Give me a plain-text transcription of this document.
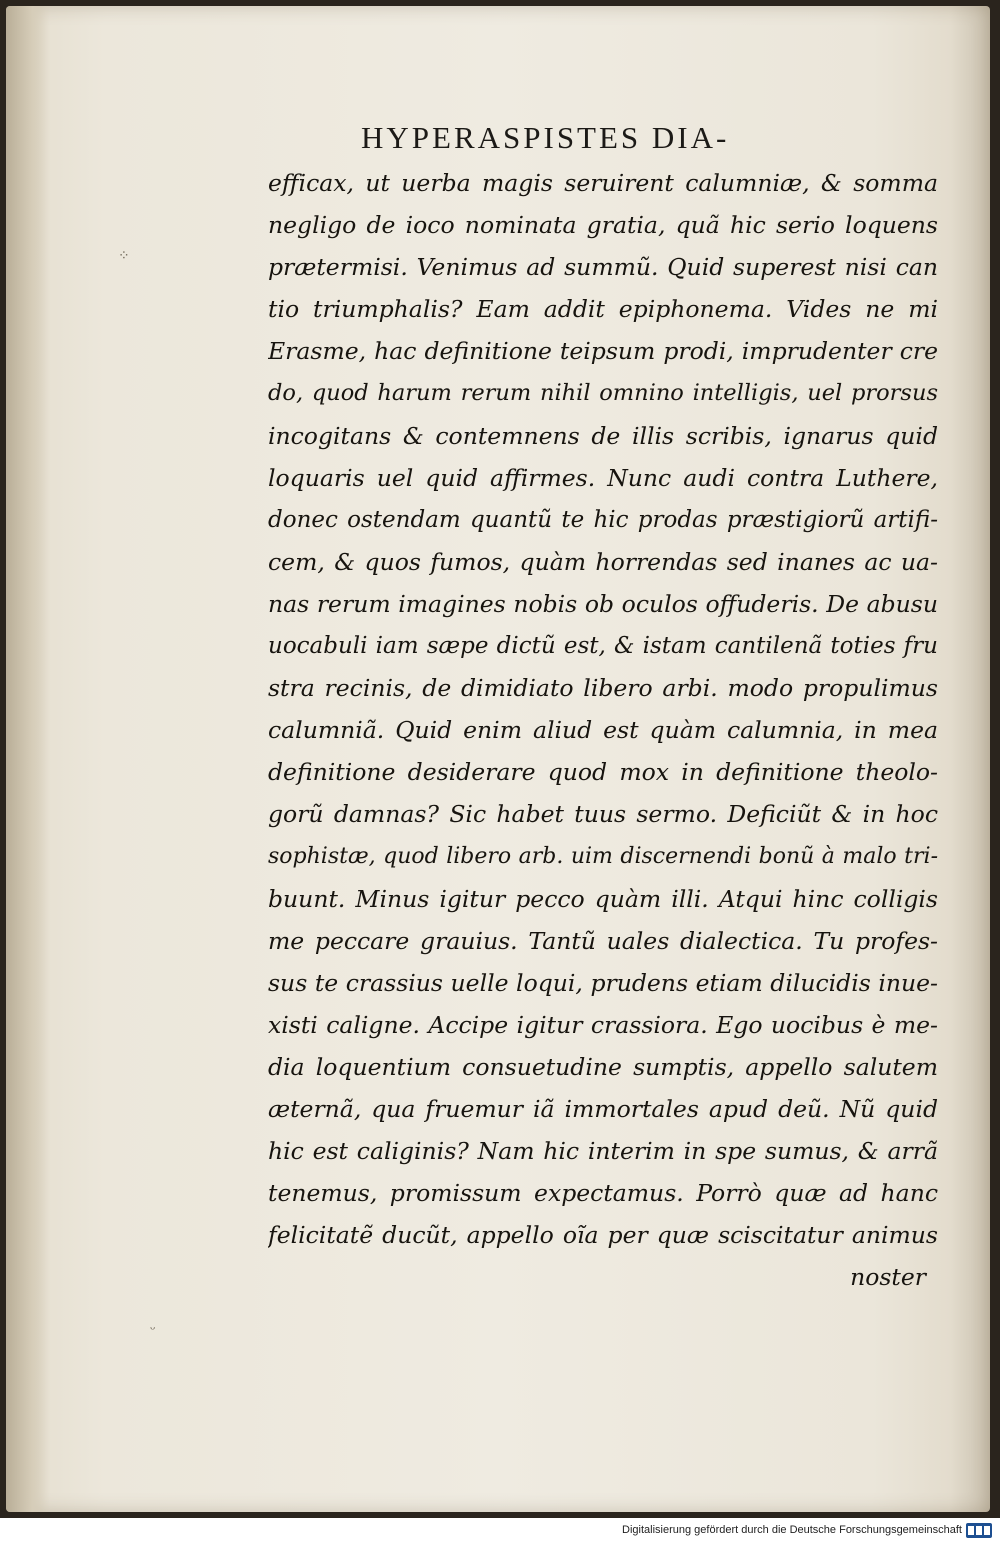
HYPERASPISTES DIA-
efficax, ut uerba magis seruirent calumniæ, & somma
negligo de ioco nominata gratia, quã hic serio loquens
prætermisi. Venimus ad summũ. Quid superest nisi can
tio triumphalis? Eam addit epiphonema. Vides ne mi
Erasme, hac definitione teipsum prodi, imprudenter cre
do, quod harum rerum nihil omnino intelligis, uel prorsus
incogitans & contemnens de illis scribis, ignarus quid
loquaris uel quid affirmes. Nunc audi contra Luthere,
donec ostendam quantũ te hic prodas præstigiorũ artifi-
cem, & quos fumos, quàm horrendas sed inanes ac ua-
nas rerum imagines nobis ob oculos offuderis. De abusu
uocabuli iam sæpe dictũ est, & istam cantilenã toties fru
stra recinis, de dimidiato libero arbi. modo propulimus
calumniã. Quid enim aliud est quàm calumnia, in mea
definitione desiderare quod mox in definitione theolo-
gorũ damnas? Sic habet tuus sermo. Deficiũt & in hoc
sophistæ, quod libero arb. uim discernendi bonũ à malo tri-
buunt. Minus igitur pecco quàm illi. Atqui hinc colligis
me peccare grauius. Tantũ uales dialectica. Tu profes-
sus te crassius uelle loqui, prudens etiam dilucidis inue-
xisti caligne. Accipe igitur crassiora. Ego uocibus è me-
dia loquentium consuetudine sumptis, appello salutem
æternã, qua fruemur iã immortales apud deũ. Nũ quid
hic est caliginis? Nam hic interim in spe sumus, & arrã
tenemus, promissum expectamus. Porrò quæ ad hanc
felicitatẽ ducũt, appello oĩa per quæ sciscitatur animus
noster
⁘
ᵕ
Digitalisierung gefördert durch die Deutsche Forschungsgemeinschaft
